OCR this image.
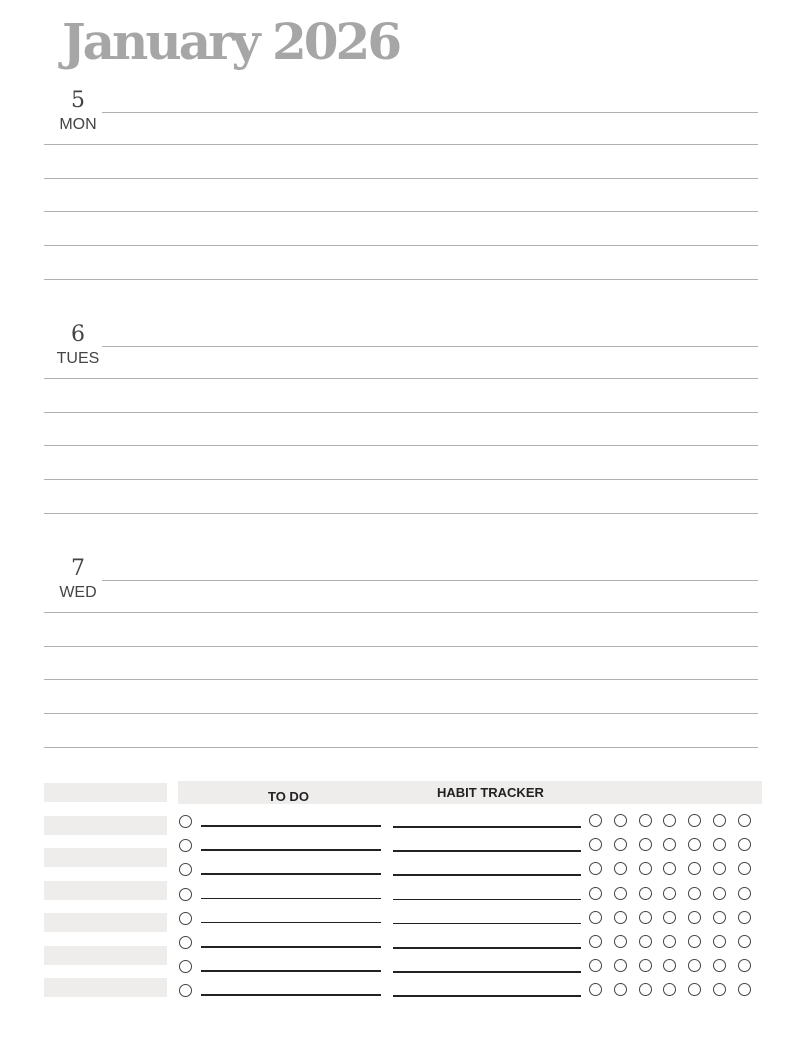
January 2026
5
MON
6
TUES
7
WED
TO DO	HABIT TRACKER
